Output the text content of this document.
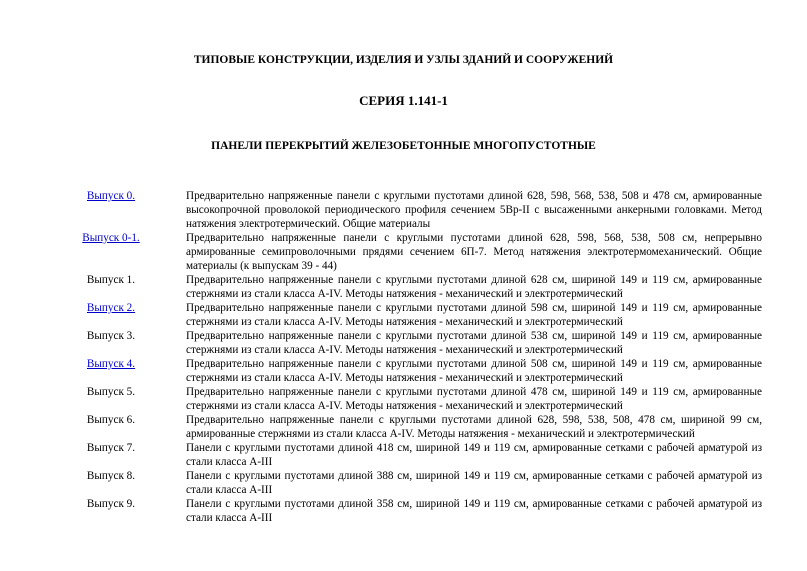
ТИПОВЫЕ КОНСТРУКЦИИ, ИЗДЕЛИЯ И УЗЛЫ ЗДАНИЙ И СООРУЖЕНИЙ
СЕРИЯ 1.141-1
ПАНЕЛИ ПЕРЕКРЫТИЙ ЖЕЛЕЗОБЕТОННЫЕ МНОГОПУСТОТНЫЕ
Выпуск 0.	Предварительно напряженные панели с круглыми пустотами длиной 628, 598, 568, 538, 508 и 478 см, армированные высокопрочной проволокой периодического профиля сечением 5Вр-II с высаженными анкерными головками. Метод натяжения электротермический. Общие материалы
Выпуск 0-1.	Предварительно напряженные панели с круглыми пустотами длиной 628, 598, 568, 538, 508 см, непрерывно армированные семипроволочными прядями сечением 6П-7. Метод натяжения электротермомеханический. Общие материалы (к выпускам 39 - 44)
Выпуск 1.	Предварительно напряженные панели с круглыми пустотами длиной 628 см, шириной 149 и 119 см, армированные стержнями из стали класса А-IV. Методы натяжения - механический и электротермический
Выпуск 2.	Предварительно напряженные панели с круглыми пустотами длиной 598 см, шириной 149 и 119 см, армированные стержнями из стали класса А-IV. Методы натяжения - механический и электротермический
Выпуск 3.	Предварительно напряженные панели с круглыми пустотами длиной 538 см, шириной 149 и 119 см, армированные стержнями из стали класса А-IV. Методы натяжения - механический и электротермический
Выпуск 4.	Предварительно напряженные панели с круглыми пустотами длиной 508 см, шириной 149 и 119 см, армированные стержнями из стали класса А-IV. Методы натяжения - механический и электротермический
Выпуск 5.	Предварительно напряженные панели с круглыми пустотами длиной 478 см, шириной 149 и 119 см, армированные стержнями из стали класса А-IV. Методы натяжения - механический и электротермический
Выпуск 6.	Предварительно напряженные панели с круглыми пустотами длиной 628, 598, 538, 508, 478 см, шириной 99 см, армированные стержнями из стали класса А-IV. Методы натяжения - механический и электротермический
Выпуск 7.	Панели с круглыми пустотами длиной 418 см, шириной 149 и 119 см, армированные сетками с рабочей арматурой из стали класса А-III
Выпуск 8.	Панели с круглыми пустотами длиной 388 см, шириной 149 и 119 см, армированные сетками с рабочей арматурой из стали класса А-III
Выпуск 9.	Панели с круглыми пустотами длиной 358 см, шириной 149 и 119 см, армированные сетками с рабочей арматурой из стали класса А-III
